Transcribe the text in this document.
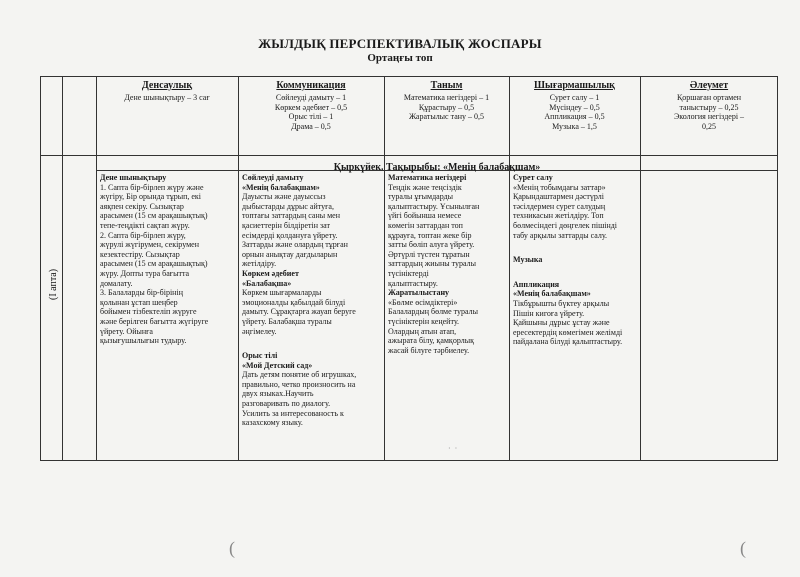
ЖЫЛДЫҚ ПЕРСПЕКТИВАЛЫҚ ЖОСПАРЫ
Ортаңғы топ
Денсаулық
Дене шынықтыру – 3 сағ
Коммуникация
Сөйлеуді дамыту – 1
Көркем әдебиет – 0,5
Орыс тілі – 1
Драма – 0,5
Таным
Математика негіздері – 1
Құрастыру – 0,5
Жаратылыс тану – 0,5
Шығармашылық
Сурет салу – 1
Мүсіндеу – 0,5
Аппликация – 0,5
Музыка – 1,5
Әлеумет
Қоршаған ортамен
таныстыру – 0,25
Экология негіздері –
0,25
Қыркүйек. Тақырыбы: «Менің балабақшам»
(І апта)
Дене шынықтыру
1. Сапта бір-бірлеп жүру және
жүгіру, Бір орында тұрып, екі
аяқпен секіру. Сызықтар
арасымен (15 см арақашықтық)
тепе-теңдікті сақтап жүру.
2. Сапта бір-бірлеп жүру,
жүрулі жүгірумен, секірумен
кезектестіру. Сызықтар
арасымен (15 см арақашықтық)
жүру. Допты тура бағытта
домалату.
3. Балаларды бір-бірінің
қолынан ұстап шеңбер
бойымен тізбектеліп жүруге
және берілген бағытта жүгіруге
үйрету. Ойынға
қызығушылығын тудыру.
Сөйлеуді дамыту
«Менің балабақшам»
Дауысты және дауыссыз
дыбыстарды дұрыс айтуға,
топтағы заттардың саны мен
қасиеттерін білдіретін зат
есімдерді қолдануға үйрету.
Заттарды және олардың тұрған
орнын анықтау дағдыларын
жетілдіру.
Көркем әдебиет
«Балабақша»
Көркем шығармаларды
эмоционалды қабылдай білуді
дамыту. Сұрақтарға жауап беруге
үйрету. Балабақша туралы
әңгімелеу.
Орыс тілі
«Мой Детский сад»
Дать детям понятие об игрушках,
правильно, четко произносить на
двух языках.Научить
разговаривать по диалогу.
Усилить за интересованость к
казахскому языку.
Математика негіздері
Теңдік және теңсіздік
туралы ұғымдарды
қалыптастыру. Ұсынылған
үйгі бойынша немесе
көмегін заттардан топ
құрауға, топтан жеке бір
затты бөліп алуға үйрету.
Әртүрлі түстен тұратын
заттардың жиыны туралы
түсініктерді
қалыптастыру.
Жаратылыстану
«Бөлме өсімдіктері»
Балалардың бөлме туралы
түсініктерін кеңейту.
Олардың атын атап,
ажырата білу, қамқорлық
жасай білуге тәрбиелеу.
Сурет салу
«Менің тобымдағы заттар»
Қарындаштармен дәстүрлі
тәсілдермен сурет салудың
техникасын жетілдіру. Топ
бөлмесіндегі дөңгелек пішінді
табу арқылы заттарды салу.
Музыка
Аппликация
«Менің балабақшам»
Тікбұрышты бүктеу арқылы
Пішін кигоға үйрету.
Қайшыны дұрыс ұстау және
ересектердің көмегімен желімді
пайдалана білуді қалыптастыру.
(	(
·  ·
